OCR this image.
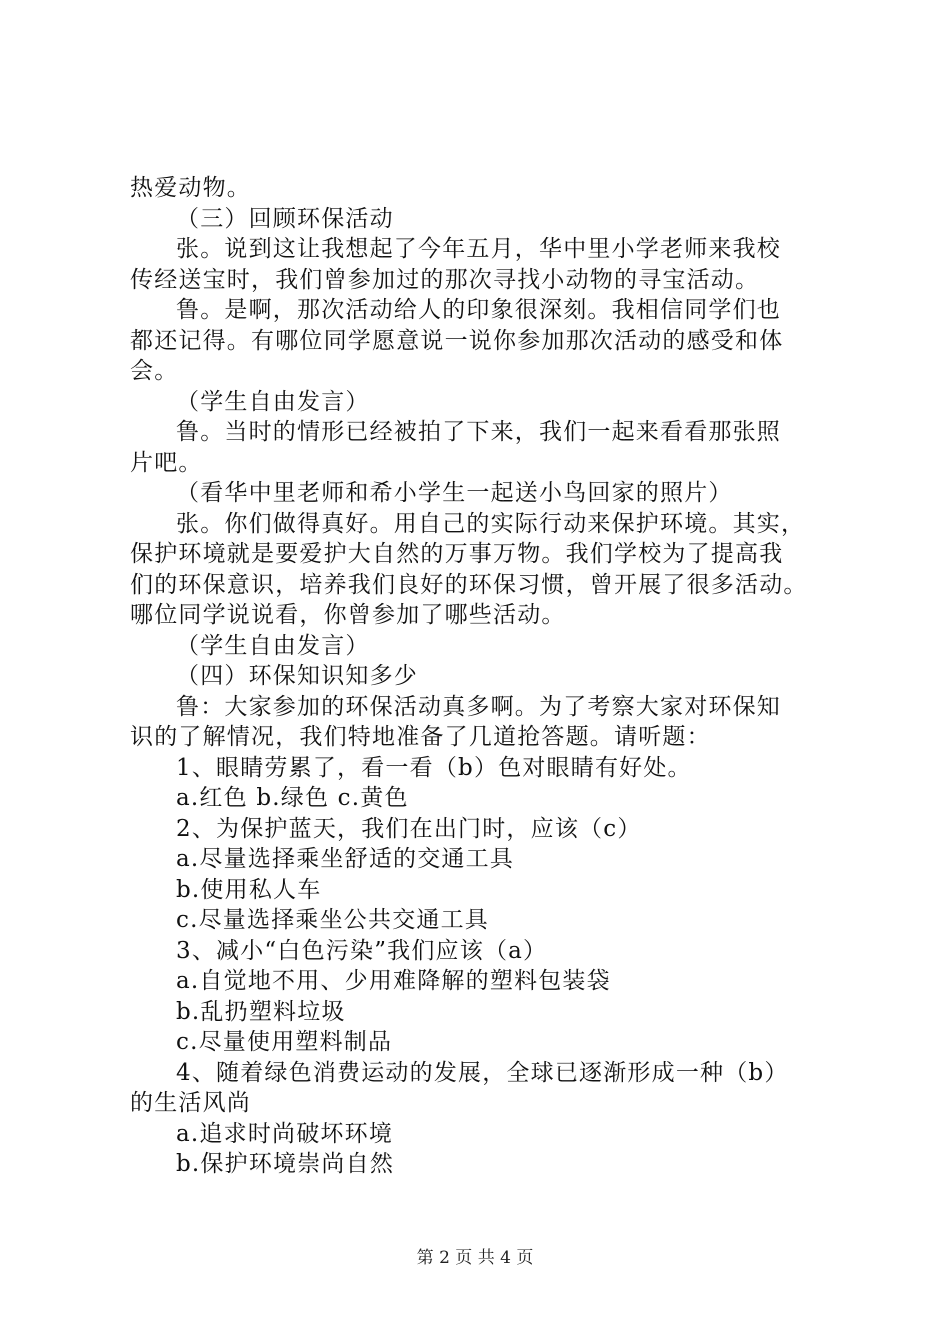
热爱动物。
（三）回顾环保活动
张。说到这让我想起了今年五月，华中里小学老师来我校
传经送宝时，我们曾参加过的那次寻找小动物的寻宝活动。
鲁。是啊，那次活动给人的印象很深刻。我相信同学们也
都还记得。有哪位同学愿意说一说你参加那次活动的感受和体
会。
（学生自由发言）
鲁。当时的情形已经被拍了下来，我们一起来看看那张照
片吧。
（看华中里老师和希小学生一起送小鸟回家的照片）
张。你们做得真好。用自己的实际行动来保护环境。其实，
保护环境就是要爱护大自然的万事万物。我们学校为了提高我
们的环保意识，培养我们良好的环保习惯，曾开展了很多活动。
哪位同学说说看，你曾参加了哪些活动。
（学生自由发言）
（四）环保知识知多少
鲁：大家参加的环保活动真多啊。为了考察大家对环保知
识的了解情况，我们特地准备了几道抢答题。请听题：
1、眼睛劳累了，看一看（b）色对眼睛有好处。
a.红色 b.绿色 c.黄色
2、为保护蓝天，我们在出门时，应该（c）
a.尽量选择乘坐舒适的交通工具
b.使用私人车
c.尽量选择乘坐公共交通工具
3、减小“白色污染”我们应该（a）
a.自觉地不用、少用难降解的塑料包装袋
b.乱扔塑料垃圾
c.尽量使用塑料制品
4、随着绿色消费运动的发展，全球已逐渐形成一种（b）
的生活风尚
a.追求时尚破坏环境
b.保护环境崇尚自然
第 2 页 共 4 页
